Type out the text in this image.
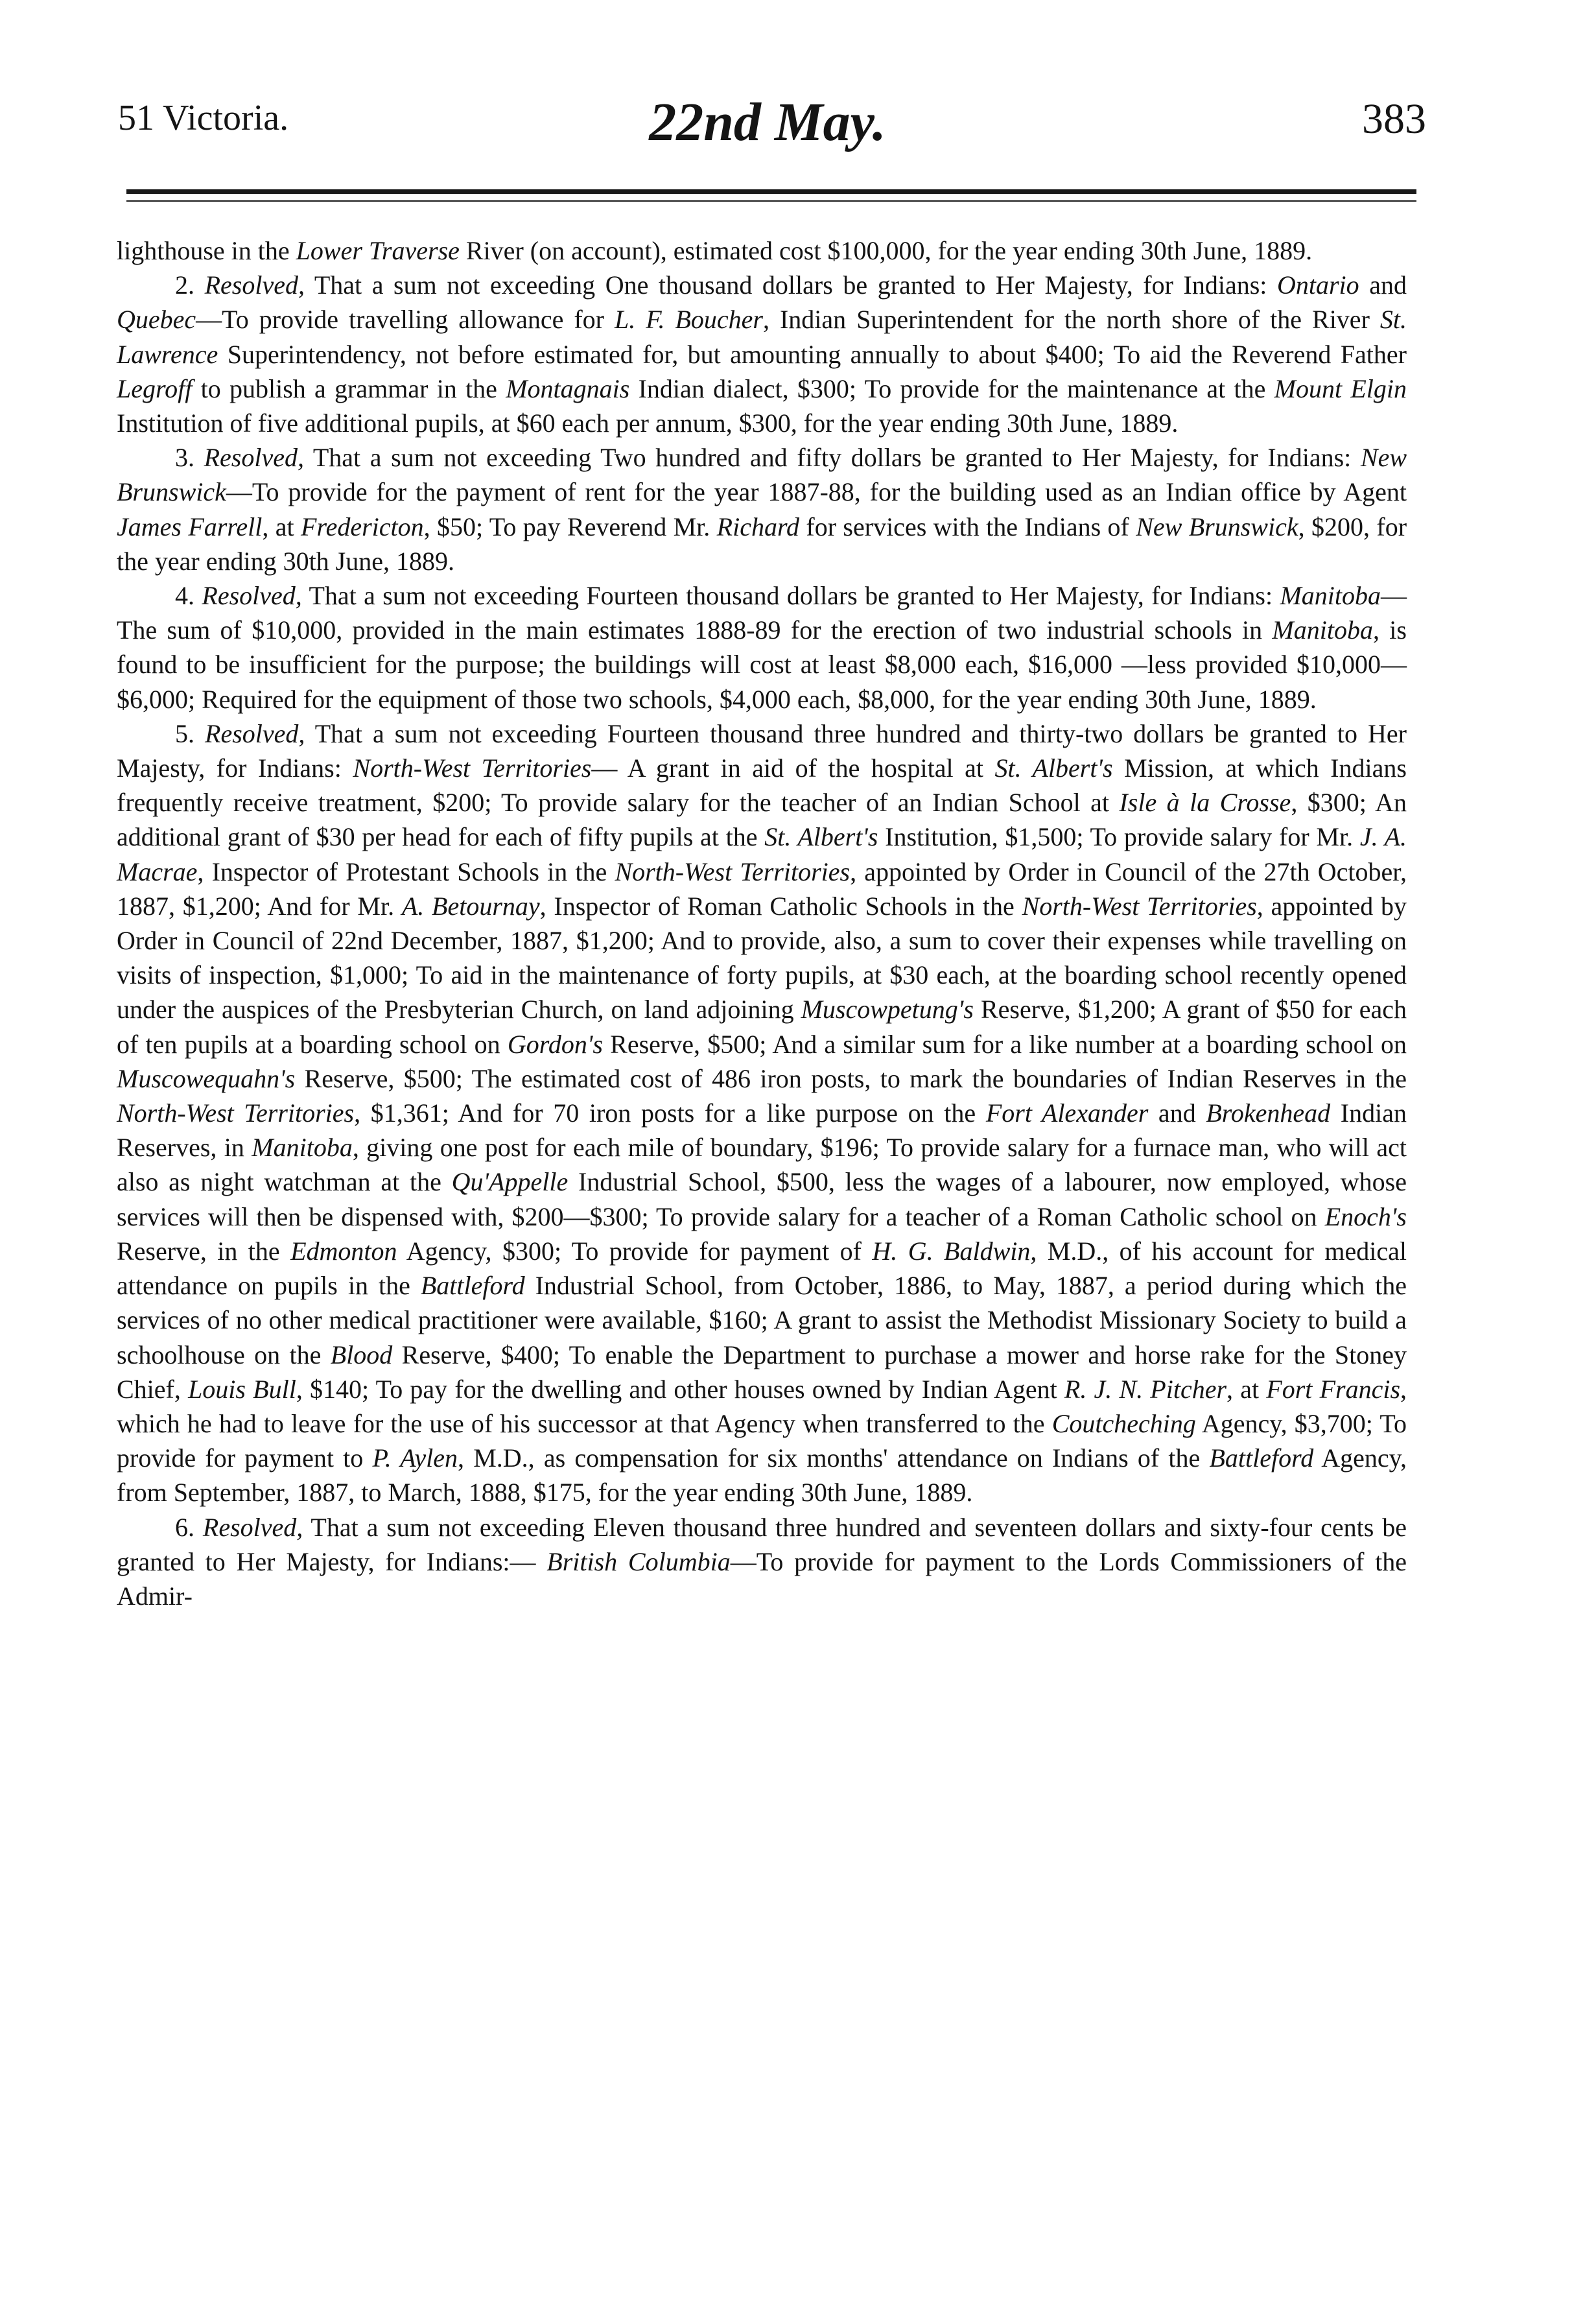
51 Victoria.	22nd May.	383

lighthouse in the Lower Traverse River (on account), estimated cost $100,000, for the year ending 30th June, 1889.

2. Resolved, That a sum not exceeding One thousand dollars be granted to Her Majesty, for Indians: Ontario and Quebec—To provide travelling allowance for L. F. Boucher, Indian Superintendent for the north shore of the River St. Lawrence Superintendency, not before estimated for, but amounting annually to about $400; To aid the Reverend Father Legroff to publish a grammar in the Montagnais Indian dialect, $300; To provide for the maintenance at the Mount Elgin Institution of five additional pupils, at $60 each per annum, $300, for the year ending 30th June, 1889.

3. Resolved, That a sum not exceeding Two hundred and fifty dollars be granted to Her Majesty, for Indians: New Brunswick—To provide for the payment of rent for the year 1887-88, for the building used as an Indian office by Agent James Farrell, at Fredericton, $50; To pay Reverend Mr. Richard for services with the Indians of New Brunswick, $200, for the year ending 30th June, 1889.

4. Resolved, That a sum not exceeding Fourteen thousand dollars be granted to Her Majesty, for Indians: Manitoba—The sum of $10,000, provided in the main estimates 1888-89 for the erection of two industrial schools in Manitoba, is found to be insufficient for the purpose; the buildings will cost at least $8,000 each, $16,000 —less provided $10,000—$6,000; Required for the equipment of those two schools, $4,000 each, $8,000, for the year ending 30th June, 1889.

5. Resolved, That a sum not exceeding Fourteen thousand three hundred and thirty-two dollars be granted to Her Majesty, for Indians: North-West Territories— A grant in aid of the hospital at St. Albert's Mission, at which Indians frequently receive treatment, $200; To provide salary for the teacher of an Indian School at Isle à la Crosse, $300; An additional grant of $30 per head for each of fifty pupils at the St. Albert's Institution, $1,500; To provide salary for Mr. J. A. Macrae, Inspector of Protestant Schools in the North-West Territories, appointed by Order in Council of the 27th October, 1887, $1,200; And for Mr. A. Betournay, Inspector of Roman Catholic Schools in the North-West Territories, appointed by Order in Council of 22nd December, 1887, $1,200; And to provide, also, a sum to cover their expenses while travelling on visits of inspection, $1,000; To aid in the maintenance of forty pupils, at $30 each, at the boarding school recently opened under the auspices of the Presbyterian Church, on land adjoining Muscowpetung's Reserve, $1,200; A grant of $50 for each of ten pupils at a boarding school on Gordon's Reserve, $500; And a similar sum for a like number at a boarding school on Muscowequahn's Reserve, $500; The estimated cost of 486 iron posts, to mark the boundaries of Indian Reserves in the North-West Territories, $1,361; And for 70 iron posts for a like purpose on the Fort Alexander and Brokenhead Indian Reserves, in Manitoba, giving one post for each mile of boundary, $196; To provide salary for a furnace man, who will act also as night watchman at the Qu'Appelle Industrial School, $500, less the wages of a labourer, now employed, whose services will then be dispensed with, $200—$300; To provide salary for a teacher of a Roman Catholic school on Enoch's Reserve, in the Edmonton Agency, $300; To provide for payment of H. G. Baldwin, M.D., of his account for medical attendance on pupils in the Battleford Industrial School, from October, 1886, to May, 1887, a period during which the services of no other medical practitioner were available, $160; A grant to assist the Methodist Missionary Society to build a schoolhouse on the Blood Reserve, $400; To enable the Department to purchase a mower and horse rake for the Stoney Chief, Louis Bull, $140; To pay for the dwelling and other houses owned by Indian Agent R. J. N. Pitcher, at Fort Francis, which he had to leave for the use of his successor at that Agency when transferred to the Coutcheching Agency, $3,700; To provide for payment to P. Aylen, M.D., as compensation for six months' attendance on Indians of the Battleford Agency, from September, 1887, to March, 1888, $175, for the year ending 30th June, 1889.

6. Resolved, That a sum not exceeding Eleven thousand three hundred and seventeen dollars and sixty-four cents be granted to Her Majesty, for Indians:— British Columbia—To provide for payment to the Lords Commissioners of the Admir-
